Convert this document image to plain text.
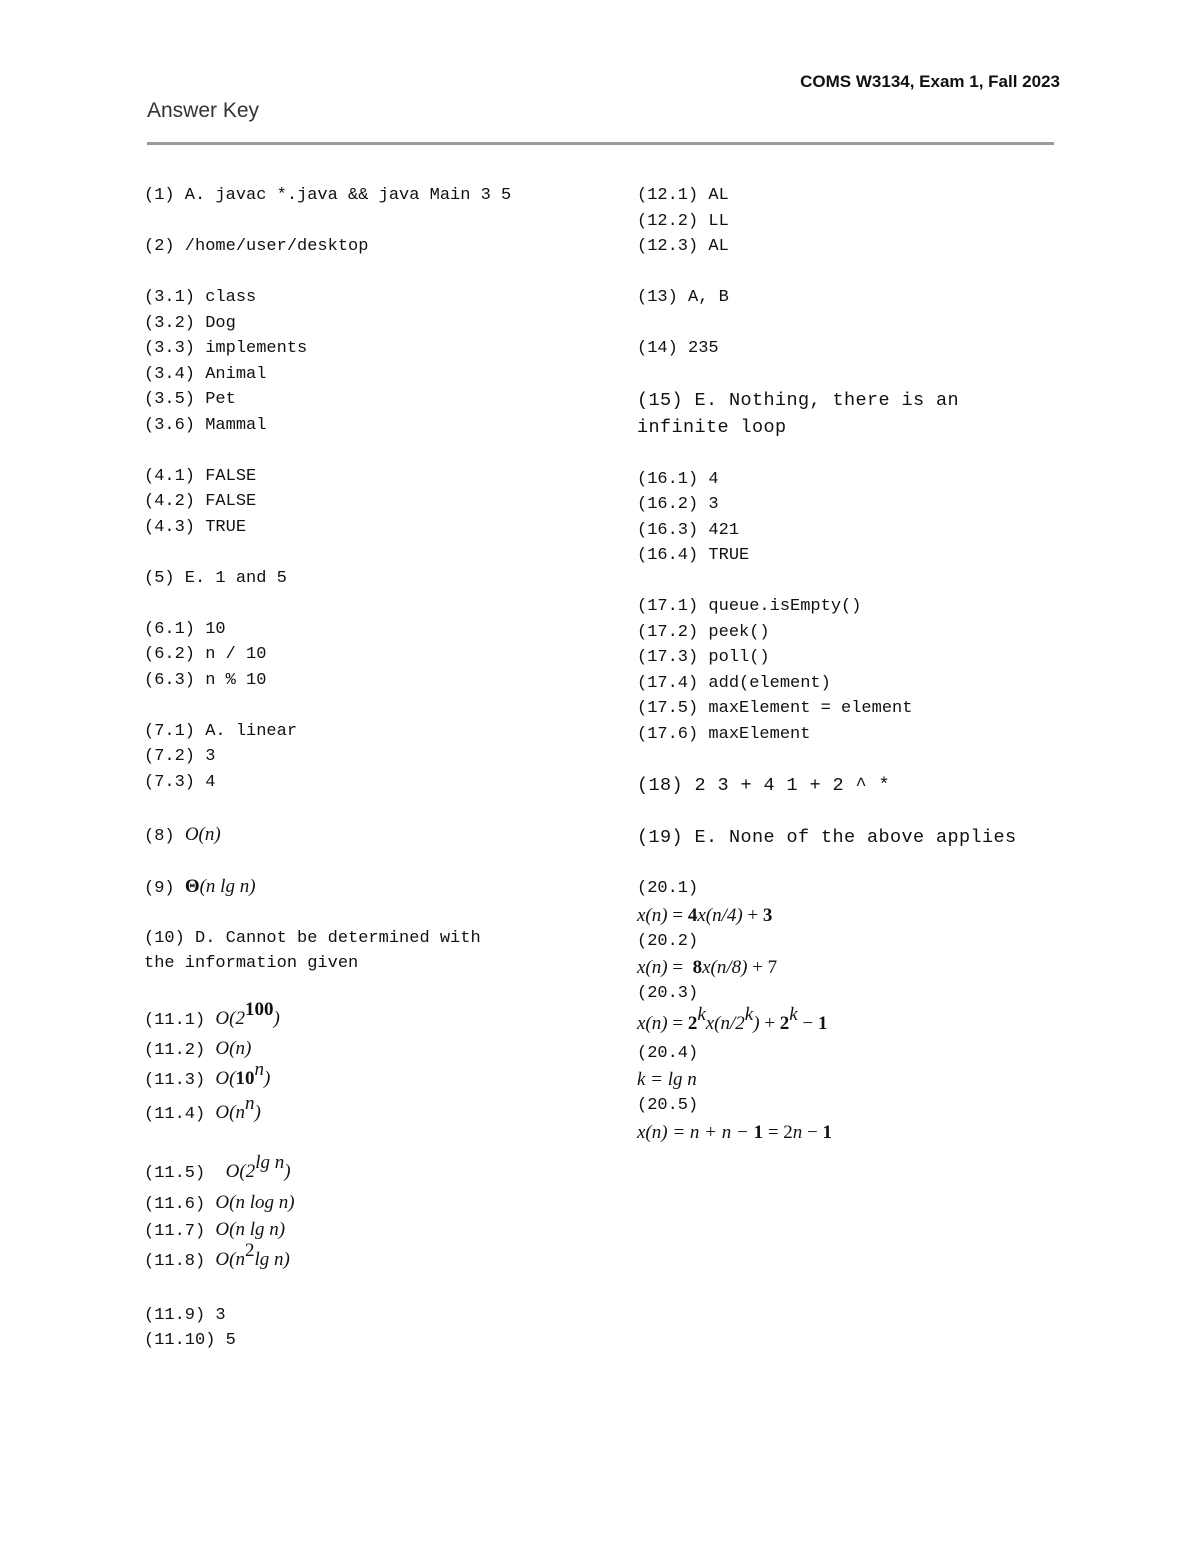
COMS W3134, Exam 1, Fall 2023
Answer Key
(1) A. javac *.java && java Main 3 5
(2) /home/user/desktop
(3.1) class
(3.2) Dog
(3.3) implements
(3.4) Animal
(3.5) Pet
(3.6) Mammal
(4.1) FALSE
(4.2) FALSE
(4.3) TRUE
(5) E. 1 and 5
(6.1) 10
(6.2) n / 10
(6.3) n % 10
(7.1) A. linear
(7.2) 3
(7.3) 4
(8) O(n)
(9) Θ(n lg n)
(10) D. Cannot be determined with
the information given
(11.1) $O(2^{100})$
(11.2) O(n)
(11.3) O(10$^n$)
(11.4) $O(n^n)$
(11.5)  $O(2^{lg n})$
(11.6) O(n log n)
(11.7) O(n lg n)
(11.8) $O(n^2\lg$ n)
(11.9) 3
(11.10) 5
(12.1) AL
(12.2) LL
(12.3) AL
(13) A, B
(14) 235
(15) E. Nothing, there is an
infinite loop
(16.1) 4
(16.2) 3
(16.3) 421
(16.4) TRUE
(17.1) queue.isEmpty()
(17.2) peek()
(17.3) poll()
(17.4) add(element)
(17.5) maxElement = element
(17.6) maxElement
(18) 2 3 + 4 1 + 2 ^ *
(19) E. None of the above applies
(20.1)
x(n) = 4x(n/4) + 3
(20.2)
x(n) =  8x(n/8) + 7
(20.3)
$x(n) = 2^kx(n/2^k) + 2^k - 1$
(20.4)
k = lg n
(20.5)
x(n) = n + n − 1 = 2n − 1
